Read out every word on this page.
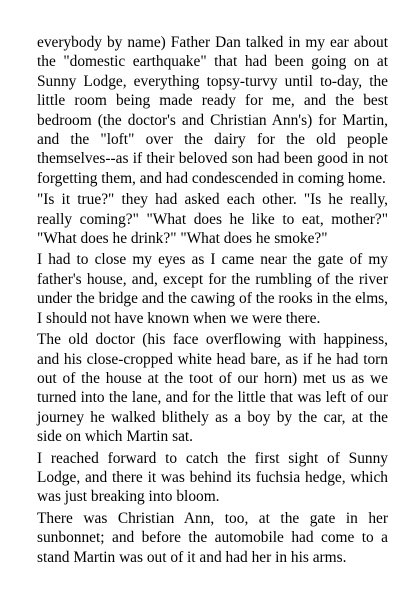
everybody by name) Father Dan talked in my ear about the "domestic earthquake" that had been going on at Sunny Lodge, everything topsy-turvy until to-day, the little room being made ready for me, and the best bedroom (the doctor's and Christian Ann's) for Martin, and the "loft" over the dairy for the old people themselves--as if their beloved son had been good in not forgetting them, and had condescended in coming home.

"Is it true?" they had asked each other. "Is he really, really coming?" "What does he like to eat, mother?" "What does he drink?" "What does he smoke?"

I had to close my eyes as I came near the gate of my father's house, and, except for the rumbling of the river under the bridge and the cawing of the rooks in the elms, I should not have known when we were there.

The old doctor (his face overflowing with happiness, and his close-cropped white head bare, as if he had torn out of the house at the toot of our horn) met us as we turned into the lane, and for the little that was left of our journey he walked blithely as a boy by the car, at the side on which Martin sat.

I reached forward to catch the first sight of Sunny Lodge, and there it was behind its fuchsia hedge, which was just breaking into bloom.

There was Christian Ann, too, at the gate in her sunbonnet; and before the automobile had come to a stand Martin was out of it and had her in his arms.
